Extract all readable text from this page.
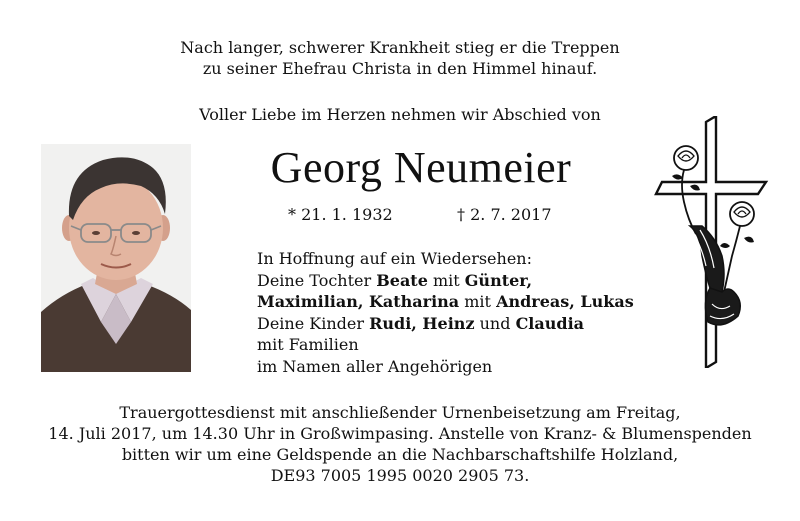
Nach langer, schwerer Krankheit stieg er die Treppen
zu seiner Ehefrau Christa in den Himmel hinauf.
Voller Liebe im Herzen nehmen wir Abschied von
Georg Neumeier
* 21. 1. 1932	† 2. 7. 2017
In Hoffnung auf ein Wiedersehen:
Deine Tochter Beate mit Günter,
Maximilian, Katharina mit Andreas, Lukas
Deine Kinder Rudi, Heinz und Claudia
mit Familien
im Namen aller Angehörigen
Trauergottesdienst mit anschließender Urnenbeisetzung am Freitag,
14. Juli 2017, um 14.30 Uhr in Großwimpasing. Anstelle von Kranz- & Blumenspenden
bitten wir um eine Geldspende an die Nachbarschaftshilfe Holzland,
DE93 7005 1995 0020 2905 73.
